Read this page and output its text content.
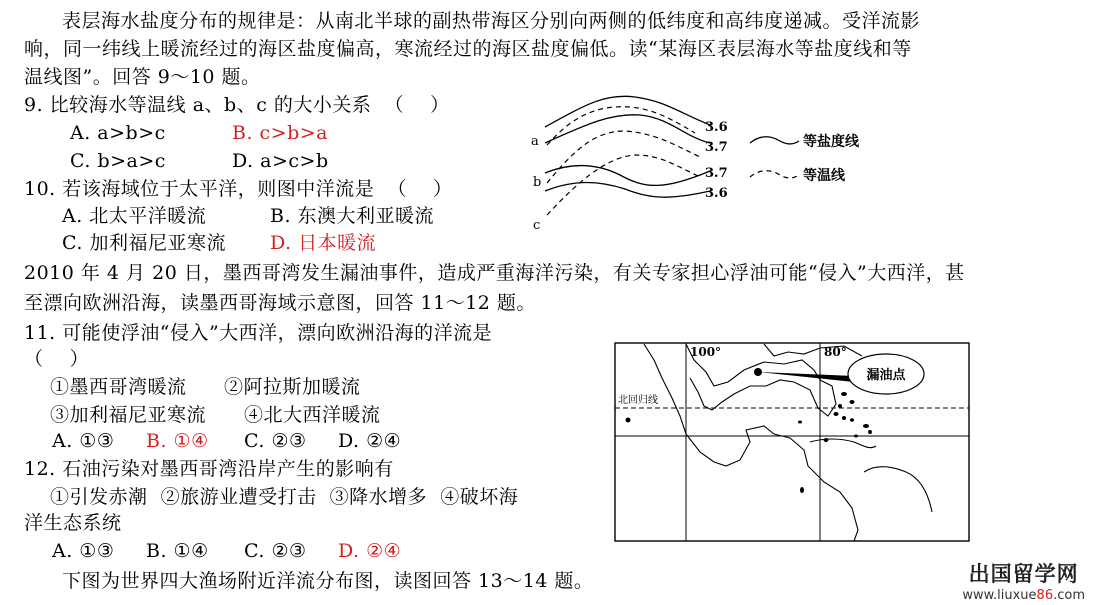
表层海水盐度分布的规律是：从南北半球的副热带海区分别向两侧的低纬度和高纬度递减。受洋流影
响，同一纬线上暖流经过的海区盐度偏高，寒流经过的海区盐度偏低。读“某海区表层海水等盐度线和等
温线图”。回答 9～10 题。
9. 比较海水等温线 a、b、c 的大小关系  （    ）
A. a>b>c	B. c>b>a
C. b>a>c	D. a>c>b
10. 若该海域位于太平洋，则图中洋流是  （    ）
A. 北太平洋暖流	B. 东澳大利亚暖流
C. 加利福尼亚寒流 D. 日本暖流
2010 年 4 月 20 日，墨西哥湾发生漏油事件，造成严重海洋污染，有关专家担心浮油可能“侵入”大西洋，甚
至漂向欧洲沿海，读墨西哥海域示意图，回答 11～12 题。
11. 可能使浮油“侵入”大西洋，漂向欧洲沿海的洋流是
（    ）
①墨西哥湾暖流 ②阿拉斯加暖流
③加利福尼亚寒流 ④北大西洋暖流
A. ①③ B. ①④ C. ②③ D. ②④
12. 石油污染对墨西哥湾沿岸产生的影响有
①引发赤潮  ②旅游业遭受打击  ③降水增多  ④破坏海
洋生态系统
A. ①③ B. ①④ C. ②③ D. ②④
下图为世界四大渔场附近洋流分布图，读图回答 13～14 题。
a
b
c
3.6
3.7
3.7
3.6
等盐度线
等温线
漏油点
100°	80°
北回归线
出国留学网
www.liuxue86.com
